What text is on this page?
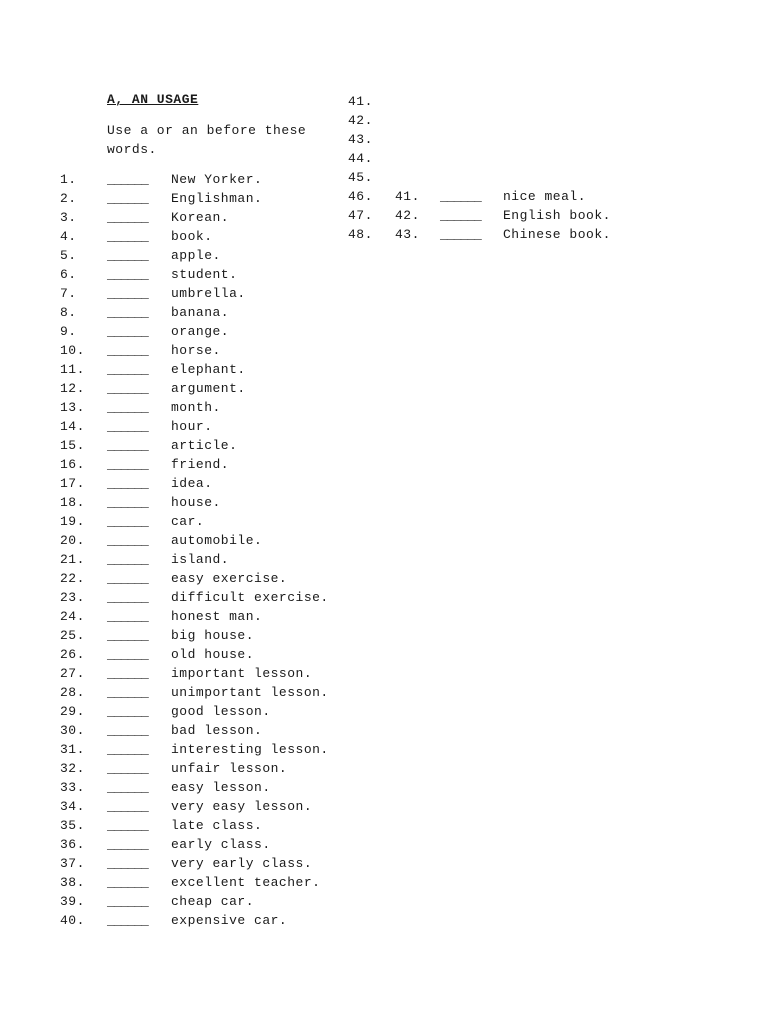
A, AN USAGE
Use a or an before these words.
1. ______ New Yorker.
2. ______ Englishman.
3. ______ Korean.
4. ______ book.
5. ______ apple.
6. ______ student.
7. ______ umbrella.
8. ______ banana.
9. ______ orange.
10. ______ horse.
11. ______ elephant.
12. ______ argument.
13. ______ month.
14. ______ hour.
15. ______ article.
16. ______ friend.
17. ______ idea.
18. ______ house.
19. ______ car.
20. ______ automobile.
21. ______ island.
22. ______ easy exercise.
23. ______ difficult exercise.
24. ______ honest man.
25. ______ big house.
26. ______ old house.
27. ______ important lesson.
28. ______ unimportant lesson.
29. ______ good lesson.
30. ______ bad lesson.
31. ______ interesting lesson.
32. ______ unfair lesson.
33. ______ easy lesson.
34. ______ very easy lesson.
35. ______ late class.
36. ______ early class.
37. ______ very early class.
38. ______ excellent teacher.
39. ______ cheap car.
40. ______ expensive car.
41.
42.
43.
44.
45.
46. 41. ______ nice meal.
47. 42. ______ English book.
48. 43. ______ Chinese book.
